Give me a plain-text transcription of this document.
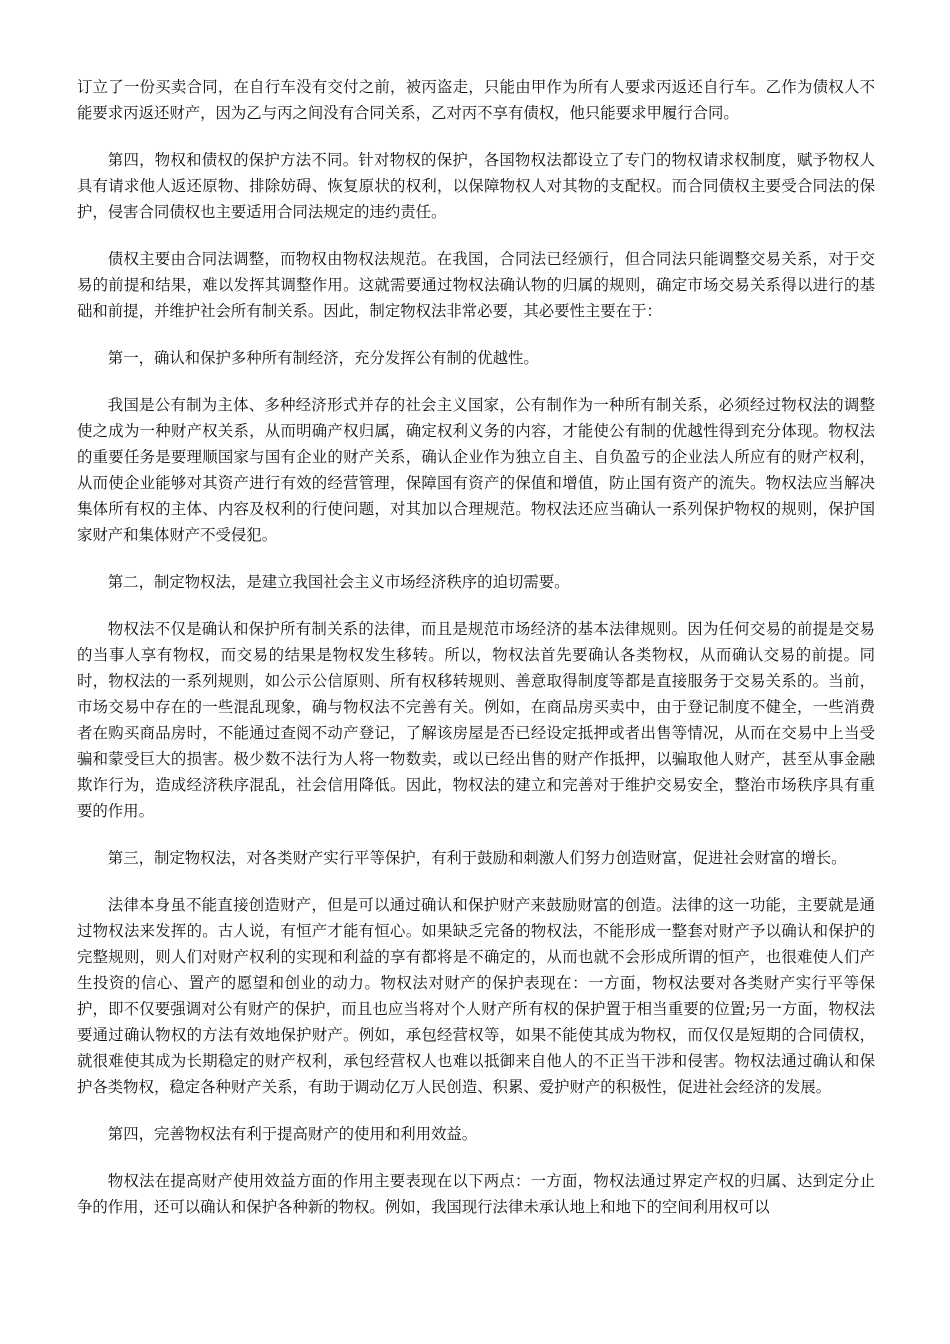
订立了一份买卖合同，在自行车没有交付之前，被丙盗走，只能由甲作为所有人要求丙返还自行车。乙作为债权人不能要求丙返还财产，因为乙与丙之间没有合同关系，乙对丙不享有债权，他只能要求甲履行合同。

第四，物权和债权的保护方法不同。针对物权的保护，各国物权法都设立了专门的物权请求权制度，赋予物权人具有请求他人返还原物、排除妨碍、恢复原状的权利，以保障物权人对其物的支配权。而合同债权主要受合同法的保护，侵害合同债权也主要适用合同法规定的违约责任。

债权主要由合同法调整，而物权由物权法规范。在我国，合同法已经颁行，但合同法只能调整交易关系，对于交易的前提和结果，难以发挥其调整作用。这就需要通过物权法确认物的归属的规则，确定市场交易关系得以进行的基础和前提，并维护社会所有制关系。因此，制定物权法非常必要，其必要性主要在于：

第一，确认和保护多种所有制经济，充分发挥公有制的优越性。

我国是公有制为主体、多种经济形式并存的社会主义国家，公有制作为一种所有制关系，必须经过物权法的调整使之成为一种财产权关系，从而明确产权归属，确定权利义务的内容，才能使公有制的优越性得到充分体现。物权法的重要任务是要理顺国家与国有企业的财产关系，确认企业作为独立自主、自负盈亏的企业法人所应有的财产权利，从而使企业能够对其资产进行有效的经营管理，保障国有资产的保值和增值，防止国有资产的流失。物权法应当解决集体所有权的主体、内容及权利的行使问题，对其加以合理规范。物权法还应当确认一系列保护物权的规则，保护国家财产和集体财产不受侵犯。

第二，制定物权法，是建立我国社会主义市场经济秩序的迫切需要。

物权法不仅是确认和保护所有制关系的法律，而且是规范市场经济的基本法律规则。因为任何交易的前提是交易的当事人享有物权，而交易的结果是物权发生移转。所以，物权法首先要确认各类物权，从而确认交易的前提。同时，物权法的一系列规则，如公示公信原则、所有权移转规则、善意取得制度等都是直接服务于交易关系的。当前，市场交易中存在的一些混乱现象，确与物权法不完善有关。例如，在商品房买卖中，由于登记制度不健全，一些消费者在购买商品房时，不能通过查阅不动产登记，了解该房屋是否已经设定抵押或者出售等情况，从而在交易中上当受骗和蒙受巨大的损害。极少数不法行为人将一物数卖，或以已经出售的财产作抵押，以骗取他人财产，甚至从事金融欺诈行为，造成经济秩序混乱，社会信用降低。因此，物权法的建立和完善对于维护交易安全，整治市场秩序具有重要的作用。

第三，制定物权法，对各类财产实行平等保护，有利于鼓励和刺激人们努力创造财富，促进社会财富的增长。

法律本身虽不能直接创造财产，但是可以通过确认和保护财产来鼓励财富的创造。法律的这一功能，主要就是通过物权法来发挥的。古人说，有恒产才能有恒心。如果缺乏完备的物权法，不能形成一整套对财产予以确认和保护的完整规则，则人们对财产权利的实现和利益的享有都将是不确定的，从而也就不会形成所谓的恒产，也很难使人们产生投资的信心、置产的愿望和创业的动力。物权法对财产的保护表现在：一方面，物权法要对各类财产实行平等保护，即不仅要强调对公有财产的保护，而且也应当将对个人财产所有权的保护置于相当重要的位置;另一方面，物权法要通过确认物权的方法有效地保护财产。例如，承包经营权等，如果不能使其成为物权，而仅仅是短期的合同债权，就很难使其成为长期稳定的财产权利，承包经营权人也难以抵御来自他人的不正当干涉和侵害。物权法通过确认和保护各类物权，稳定各种财产关系，有助于调动亿万人民创造、积累、爱护财产的积极性，促进社会经济的发展。

第四，完善物权法有利于提高财产的使用和利用效益。

物权法在提高财产使用效益方面的作用主要表现在以下两点：一方面，物权法通过界定产权的归属、达到定分止争的作用，还可以确认和保护各种新的物权。例如，我国现行法律未承认地上和地下的空间利用权可以
